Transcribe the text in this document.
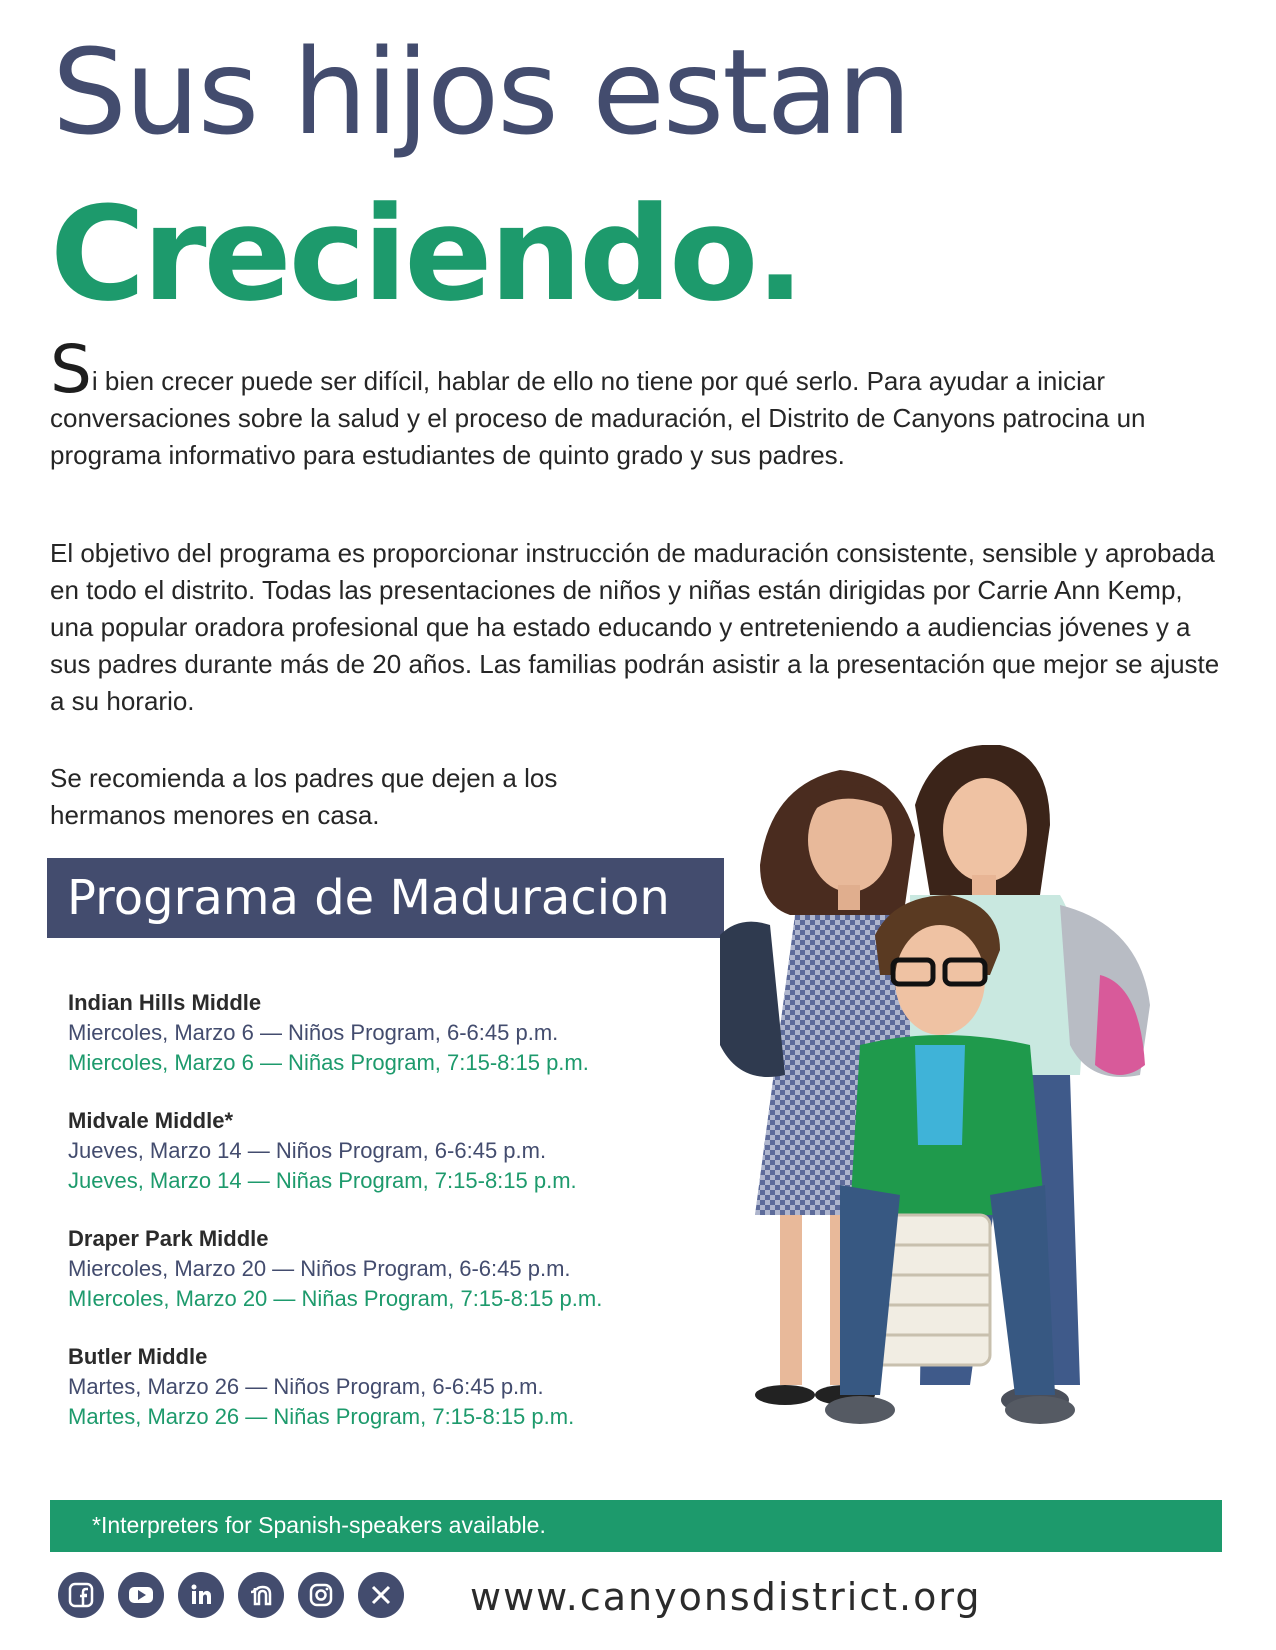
Sus hijos estan
Creciendo.
Si bien crecer puede ser difícil, hablar de ello no tiene por qué serlo. Para ayudar a iniciar conversaciones sobre la salud y el proceso de maduración, el Distrito de Canyons patrocina un programa informativo para estudiantes de quinto grado y sus padres.
El objetivo del programa es proporcionar instrucción de maduración consistente, sensible y aprobada en todo el distrito. Todas las presentaciones de niños y niñas están dirigidas por Carrie Ann Kemp, una popular oradora profesional que ha estado educando y entreteniendo a audiencias jóvenes y a sus padres durante más de 20 años. Las familias podrán asistir a la presentación que mejor se ajuste a su horario.
Se recomienda a los padres que dejen a los hermanos menores en casa.
Programa de Maduracion
Indian Hills Middle
Miercoles, Marzo 6 — Niños Program, 6-6:45 p.m.
Miercoles, Marzo 6 — Niñas Program, 7:15-8:15 p.m.
Midvale Middle*
Jueves, Marzo 14 — Niños Program, 6-6:45 p.m.
Jueves, Marzo 14 — Niñas Program, 7:15-8:15 p.m.
Draper Park Middle
Miercoles, Marzo 20 — Niños Program, 6-6:45 p.m.
MIercoles, Marzo 20 — Niñas Program, 7:15-8:15 p.m.
Butler Middle
Martes, Marzo 26 — Niños Program, 6-6:45 p.m.
Martes, Marzo 26 — Niñas Program, 7:15-8:15 p.m.
*Interpreters for Spanish-speakers available.
www.canyonsdistrict.org
